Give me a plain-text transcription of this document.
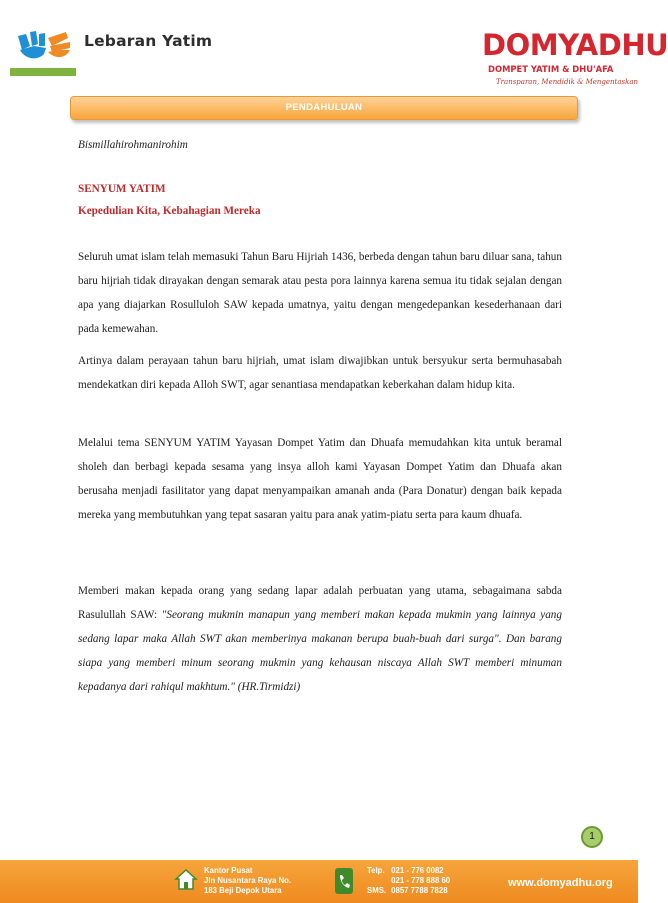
Lebaran Yatim	DOMYADHU
DOMPET YATIM & DHU'AFA
Transparan, Mendidik & Mengentaskan
PENDAHULUAN
Bismillahirohmanirohim
SENYUM YATIM
Kepedulian Kita, Kebahagian Mereka

Seluruh umat islam telah memasuki Tahun Baru Hijriah 1436, berbeda dengan tahun baru diluar sana, tahun baru hijriah tidak dirayakan dengan semarak atau pesta pora lainnya karena semua itu tidak sejalan dengan apa yang diajarkan Rosulluloh SAW kepada umatnya, yaitu dengan mengedepankan kesederhanaan dari pada kemewahan.

Artinya dalam perayaan tahun baru hijriah, umat islam diwajibkan untuk bersyukur serta bermuhasabah mendekatkan diri kepada Alloh SWT, agar senantiasa mendapatkan keberkahan dalam hidup kita.

Melalui tema SENYUM YATIM Yayasan Dompet Yatim dan Dhuafa memudahkan kita untuk beramal sholeh dan berbagi kepada sesama yang insya alloh kami Yayasan Dompet Yatim dan Dhuafa akan berusaha menjadi fasilitator yang dapat menyampaikan amanah anda (Para Donatur) dengan baik kepada mereka yang membutuhkan yang tepat sasaran yaitu para anak yatim-piatu serta para kaum dhuafa.

Memberi makan kepada orang yang sedang lapar adalah perbuatan yang utama, sebagaimana sabda Rasulullah SAW: "Seorang mukmin manapun yang memberi makan kepada mukmin yang lainnya yang sedang lapar maka Allah SWT akan memberinya makanan berupa buah-buah dari surga". Dan barang siapa yang memberi minum seorang mukmin yang kehausan niscaya Allah SWT memberi minuman kepadanya dari rahiqul makhtum." (HR.Tirmidzi)

1
Kantor Pusat
Jln Nusantara Raya No.
183 Beji Depok Utara
Telp. 021 - 776 0082
021 - 778 888 60
SMS. 0857 7788 7828
www.domyadhu.org
